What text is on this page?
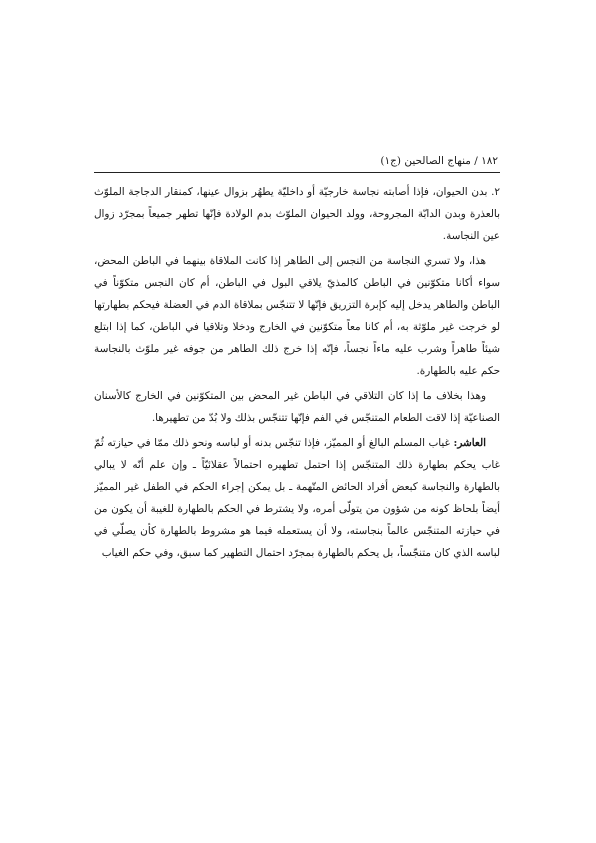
١٨٢ / منهاج الصالحين (ج١)

٢. بدن الحيوان، فإذا أصابته نجاسة خارجيّة أو داخليّة يطهُر بزوال عينها، كمنقار الدجاجة الملوّث بالعذرة وبدن الدابّة المجروحة، وولد الحيوان الملوّث بدم الولادة فإنّها تطهر جميعاً بمجرّد زوال عين النجاسة.

هذا، ولا تسري النجاسة من النجس إلى الطاهر إذا كانت الملاقاة بينهما في الباطن المحض، سواء أكانا متكوّنين في الباطن كالمذيّ يلاقي البول في الباطن، أم كان النجس متكوّناً في الباطن والطاهر يدخل إليه كإبرة التزريق فإنّها لا تتنجّس بملاقاة الدم في العضلة فيحكم بطهارتها لو خرجت غير ملوّثة به، أم كانا معاً متكوّنين في الخارج ودخلا وتلاقيا في الباطن، كما إذا ابتلع شيئاً طاهراً وشرب عليه ماءاً نجساً، فإنّه إذا خرج ذلك الطاهر من جوفه غير ملوّث بالنجاسة حكم عليه بالطهارة.

وهذا بخلاف ما إذا كان التلاقي في الباطن غير المحض بين المتكوّنين في الخارج كالأسنان الصناعيّة إذا لاقت الطعام المتنجّس في الفم فإنّها تتنجّس بذلك ولا بُدّ من تطهيرها.

العاشر: غياب المسلم البالغ أو المميّز، فإذا تنجّس بدنه أو لباسه ونحو ذلك ممّا في حيازته ثُمّ غاب يحكم بطهارة ذلك المتنجّس إذا احتمل تطهيره احتمالاً عقلائيّاً ـ وإن علم أنّه لا يبالي بالطهارة والنجاسة كبعض أفراد الحائض المتّهمة ـ بل يمكن إجراء الحكم في الطفل غير المميّز أيضاً بلحاظ كونه من شؤون من يتولّى أمره، ولا يشترط في الحكم بالطهارة للغيبة أن يكون من في حيازته المتنجّس عالماً بنجاسته، ولا أن يستعمله فيما هو مشروط بالطهارة كأن يصلّي في لباسه الذي كان متنجّساً، بل يحكم بالطهارة بمجرّد احتمال التطهير كما سبق، وفي حكم الغياب
